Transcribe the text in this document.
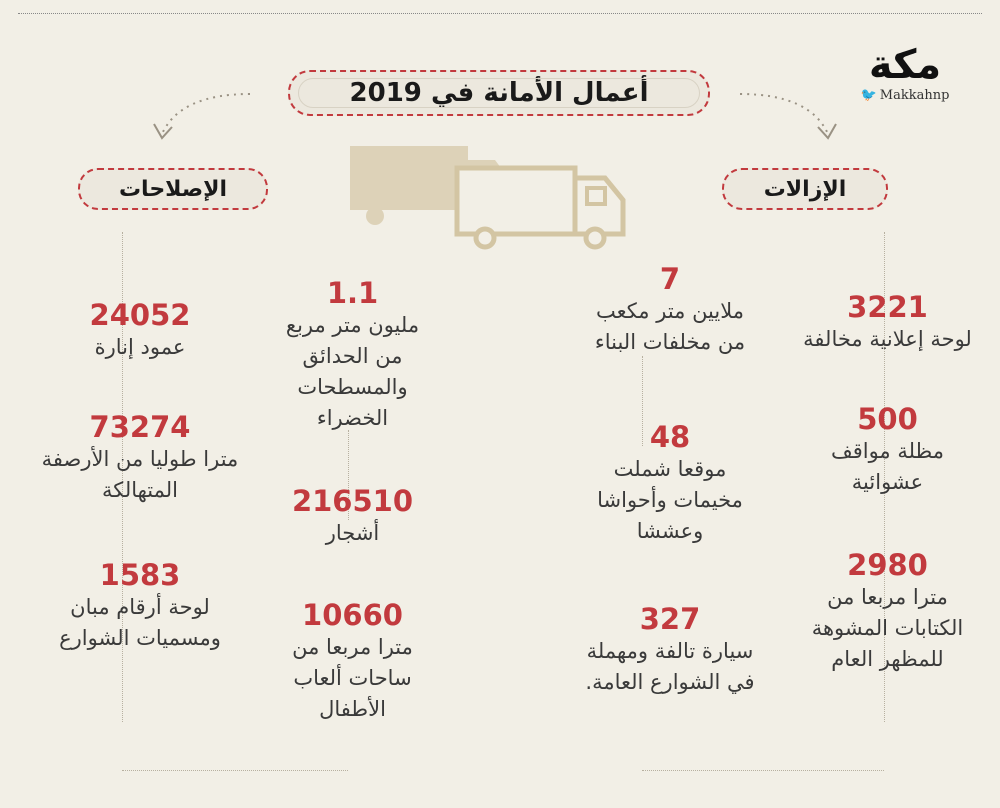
مكة
🐦 Makkahnp
أعمال الأمانة في 2019
الإصلاحات	الإزالات
24052
عمود إنارة
73274
مترا طوليا من الأرصفة المتهالكة
1583
لوحة أرقام مبان ومسميات الشوارع
1.1
مليون متر مربع من الحدائق والمسطحات الخضراء
216510
أشجار
10660
مترا مربعا من ساحات ألعاب الأطفال
7
ملايين متر مكعب من مخلفات البناء
48
موقعا شملت مخيمات وأحواشا وعششا
327
سيارة تالفة ومهملة في الشوارع العامة.
3221
لوحة إعلانية مخالفة
500
مظلة مواقف عشوائية
2980
مترا مربعا من الكتابات المشوهة للمظهر العام
